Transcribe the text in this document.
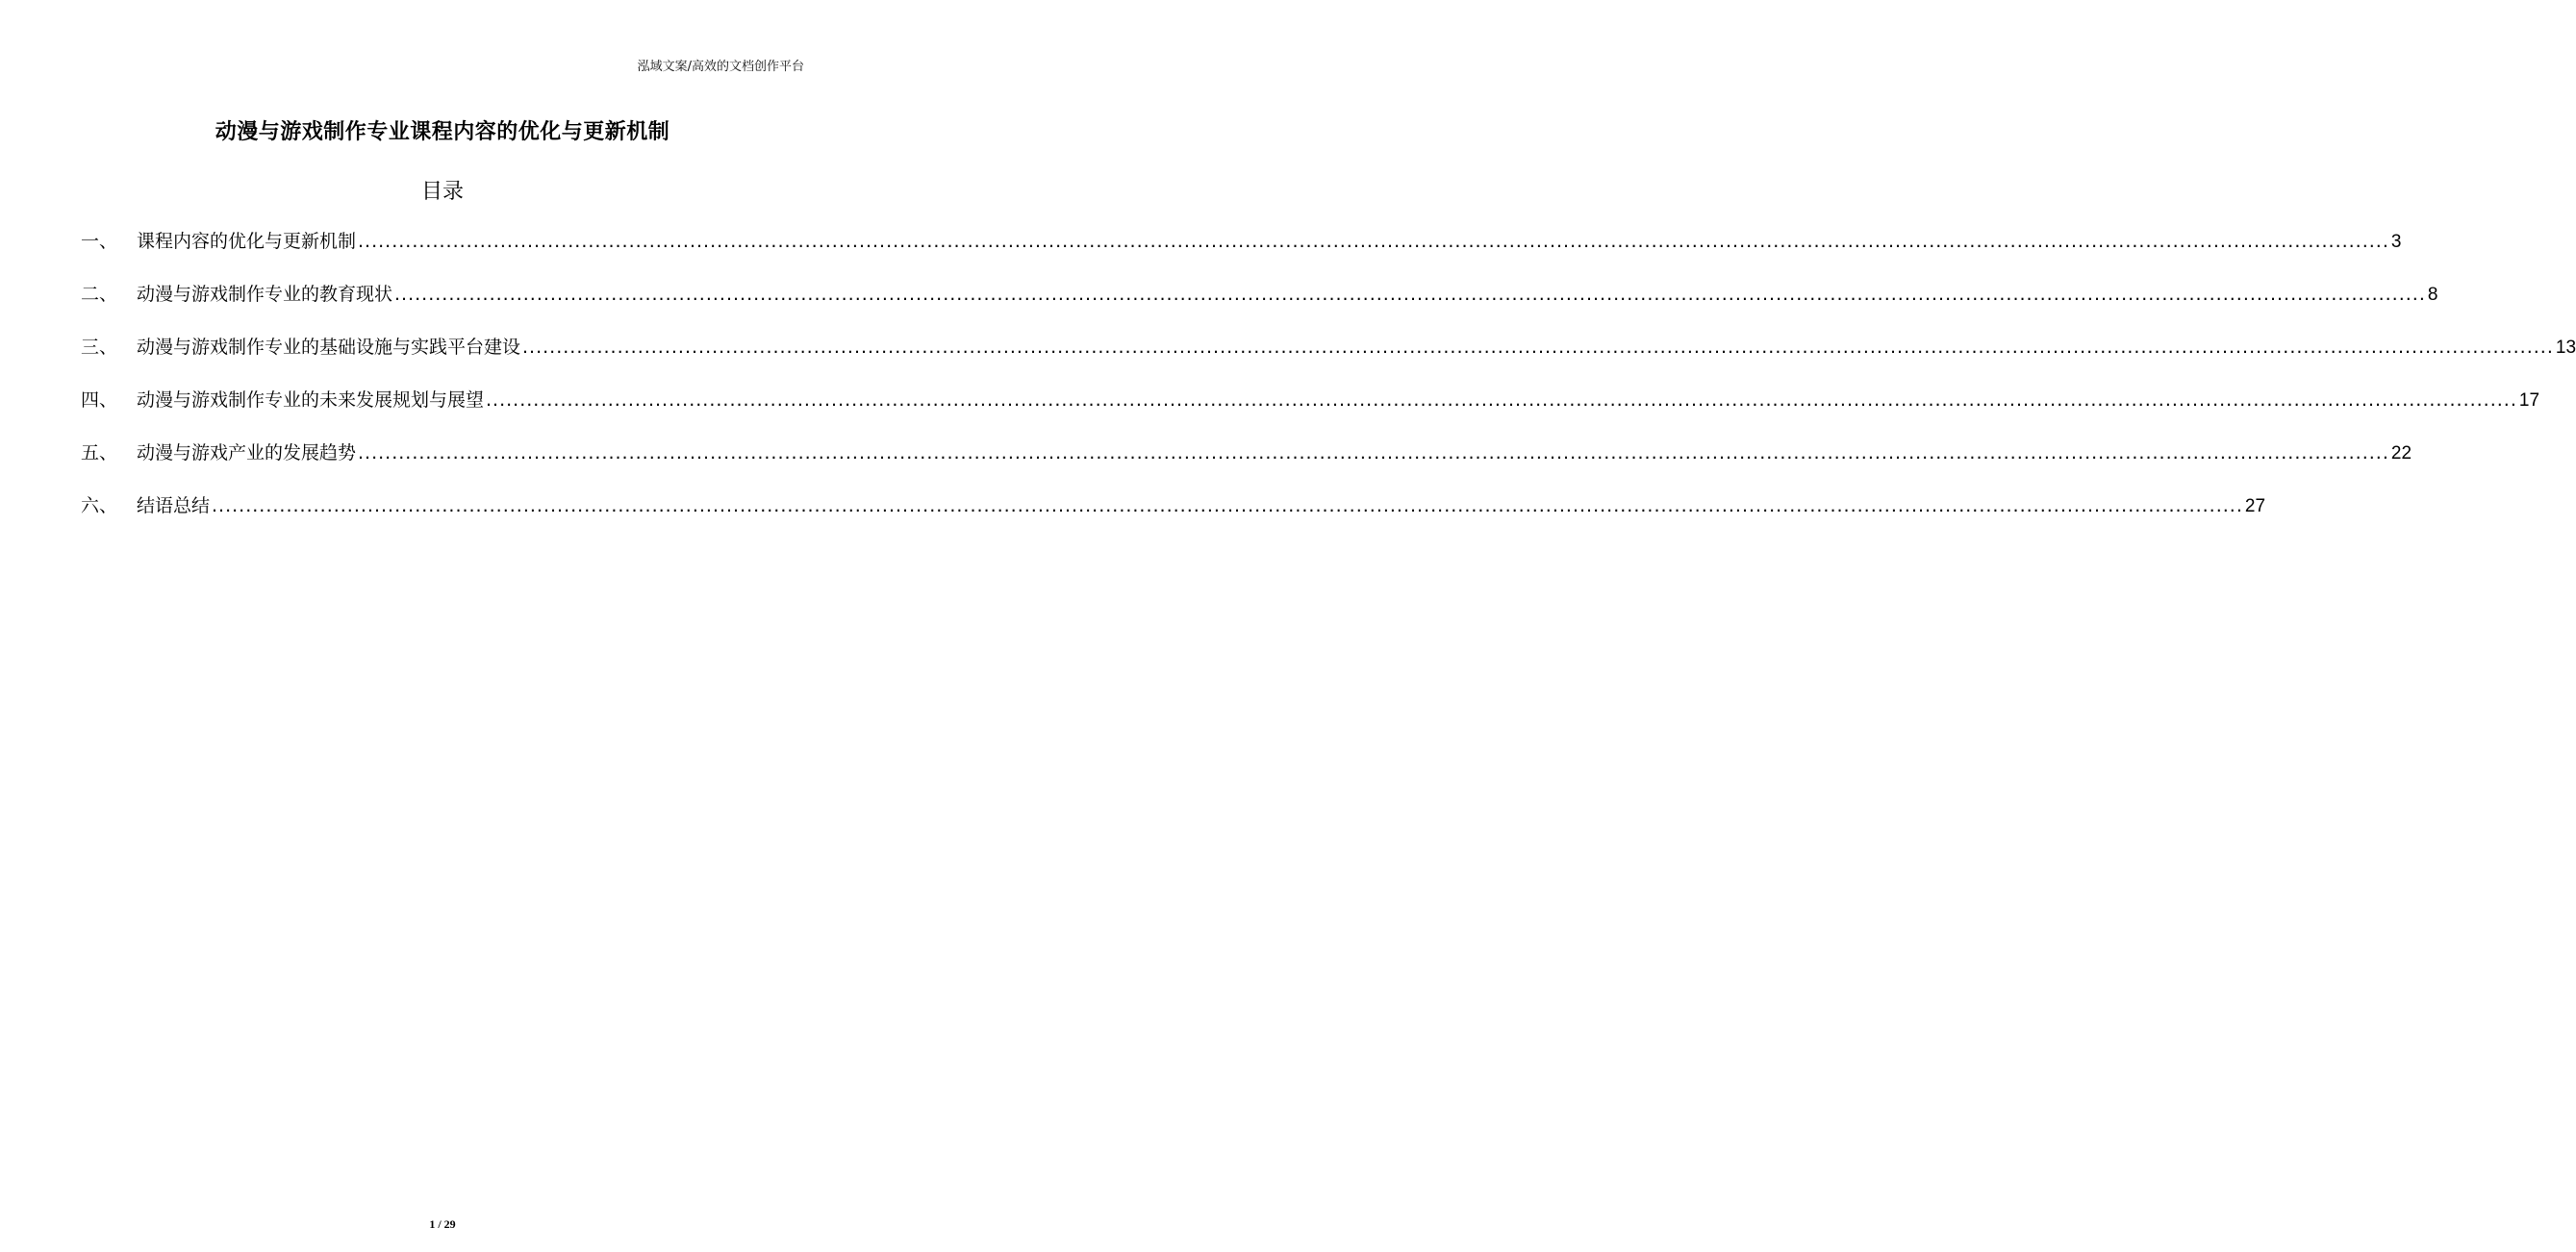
泓域文案/高效的文档创作平台
动漫与游戏制作专业课程内容的优化与更新机制
目录
一、	课程内容的优化与更新机制 ............................................................................................................................................................................................................................................................................................................ 3
二、	动漫与游戏制作专业的教育现状 ............................................................................................................................................................................................................................................................................................................ 8
三、	动漫与游戏制作专业的基础设施与实践平台建设 ............................................................................................................................................................................................................................................................................................................ 13
四、	动漫与游戏制作专业的未来发展规划与展望 ............................................................................................................................................................................................................................................................................................................ 17
五、	动漫与游戏产业的发展趋势 ............................................................................................................................................................................................................................................................................................................ 22
六、	结语总结 ............................................................................................................................................................................................................................................................................................................ 27
1 / 29
